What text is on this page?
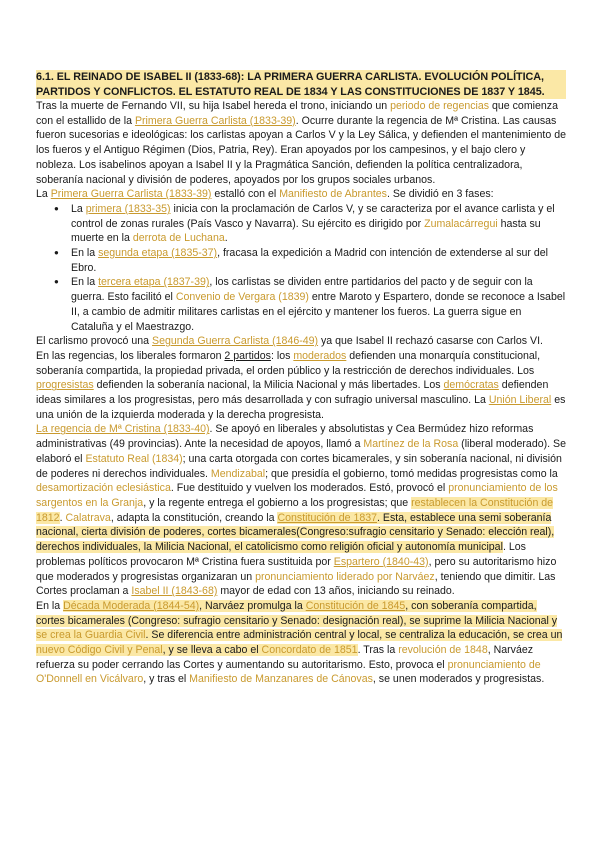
6.1. EL REINADO DE ISABEL II (1833-68): LA PRIMERA GUERRA CARLISTA. EVOLUCIÓN POLÍTICA, PARTIDOS Y CONFLICTOS. EL ESTATUTO REAL DE 1834 Y LAS CONSTITUCIONES DE 1837 Y 1845.

Tras la muerte de Fernando VII, su hija Isabel hereda el trono, iniciando un periodo de regencias que comienza con el estallido de la Primera Guerra Carlista (1833-39). Ocurre durante la regencia de Mª Cristina. Las causas fueron sucesorias e ideológicas: los carlistas apoyan a Carlos V y la Ley Sálica, y defienden el mantenimiento de los fueros y el Antiguo Régimen (Dios, Patria, Rey). Eran apoyados por los campesinos, y el bajo clero y nobleza. Los isabelinos apoyan a Isabel II y la Pragmática Sanción, defienden la política centralizadora, soberanía nacional y división de poderes, apoyados por los grupos sociales urbanos.

La Primera Guerra Carlista (1833-39) estalló con el Manifiesto de Abrantes. Se dividió en 3 fases:

● La primera (1833-35) inicia con la proclamación de Carlos V, y se caracteriza por el avance carlista y el control de zonas rurales (País Vasco y Navarra). Su ejército es dirigido por Zumalacárregui hasta su muerte en la derrota de Luchana.
● En la segunda etapa (1835-37), fracasa la expedición a Madrid con intención de extenderse al sur del Ebro.
● En la tercera etapa (1837-39), los carlistas se dividen entre partidarios del pacto y de seguir con la guerra. Esto facilitó el Convenio de Vergara (1839) entre Maroto y Espartero, donde se reconoce a Isabel II, a cambio de admitir militares carlistas en el ejército y mantener los fueros. La guerra sigue en Cataluña y el Maestrazgo.

El carlismo provocó una Segunda Guerra Carlista (1846-49) ya que Isabel II rechazó casarse con Carlos VI.

En las regencias, los liberales formaron 2 partidos: los moderados defienden una monarquía constitucional, soberanía compartida, la propiedad privada, el orden público y la restricción de derechos individuales. Los progresistas defienden la soberanía nacional, la Milicia Nacional y más libertades. Los demócratas defienden ideas similares a los progresistas, pero más desarrollada y con sufragio universal masculino. La Unión Liberal es una unión de la izquierda moderada y la derecha progresista.

La regencia de Mª Cristina (1833-40). Se apoyó en liberales y absolutistas y Cea Bermúdez hizo reformas administrativas (49 provincias). Ante la necesidad de apoyos, llamó a Martínez de la Rosa (liberal moderado). Se elaboró el Estatuto Real (1834); una carta otorgada con cortes bicamerales, y sin soberanía nacional, ni división de poderes ni derechos individuales. Mendizabal; que presidía el gobierno, tomó medidas progresistas como la desamortización eclesiástica. Fue destituido y vuelven los moderados. Estó, provocó el pronunciamiento de los sargentos en la Granja, y la regente entrega el gobierno a los progresistas; que restablecen la Constitución de 1812. Calatrava, adapta la constitución, creando la Constitución de 1837. Esta, establece una semi soberanía nacional, cierta división de poderes, cortes bicamerales(Congreso:sufragio censitario y Senado: elección real), derechos individuales, la Milicia Nacional, el catolicismo como religión oficial y autonomía municipal. Los problemas políticos provocaron Mª Cristina fuera sustituida por Espartero (1840-43), pero su autoritarismo hizo que moderados y progresistas organizaran un pronunciamiento liderado por Narváez, teniendo que dimitir. Las Cortes proclaman a Isabel II (1843-68) mayor de edad con 13 años, iniciando su reinado.

En la Década Moderada (1844-54), Narváez promulga la Constitución de 1845, con soberanía compartida, cortes bicamerales (Congreso: sufragio censitario y Senado: designación real), se suprime la Milicia Nacional y se crea la Guardia Civil. Se diferencia entre administración central y local, se centraliza la educación, se crea un nuevo Código Civil y Penal, y se lleva a cabo el Concordato de 1851. Tras la revolución de 1848, Narváez refuerza su poder cerrando las Cortes y aumentando su autoritarismo. Esto, provoca el pronunciamiento de O'Donnell en Vicálvaro, y tras el Manifiesto de Manzanares de Cánovas, se unen moderados y progresistas.
